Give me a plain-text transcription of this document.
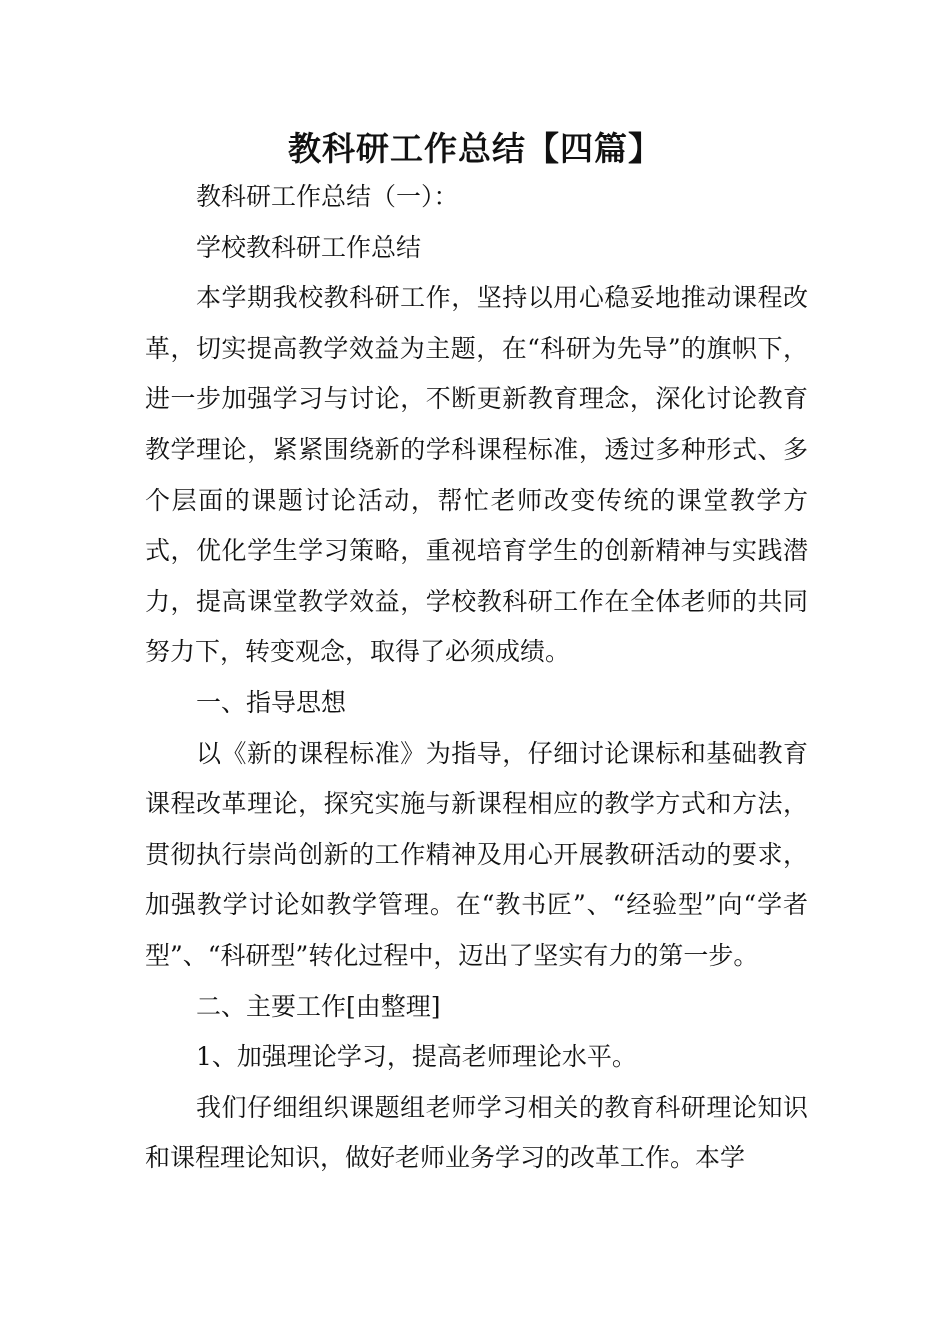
教科研工作总结【四篇】

教科研工作总结（一）：

学校教科研工作总结

本学期我校教科研工作，坚持以用心稳妥地推动课程改革，切实提高教学效益为主题，在“科研为先导”的旗帜下，进一步加强学习与讨论，不断更新教育理念，深化讨论教育教学理论，紧紧围绕新的学科课程标准，透过多种形式、多个层面的课题讨论活动，帮忙老师改变传统的课堂教学方式，优化学生学习策略，重视培育学生的创新精神与实践潜力，提高课堂教学效益，学校教科研工作在全体老师的共同努力下，转变观念，取得了必须成绩。

一、指导思想

以《新的课程标准》为指导，仔细讨论课标和基础教育课程改革理论，探究实施与新课程相应的教学方式和方法，贯彻执行崇尚创新的工作精神及用心开展教研活动的要求，加强教学讨论如教学管理。在“教书匠”、“经验型”向“学者型”、“科研型”转化过程中，迈出了坚实有力的第一步。

二、主要工作[由整理]

1、加强理论学习，提高老师理论水平。

我们仔细组织课题组老师学习相关的教育科研理论知识和课程理论知识，做好老师业务学习的改革工作。本学
